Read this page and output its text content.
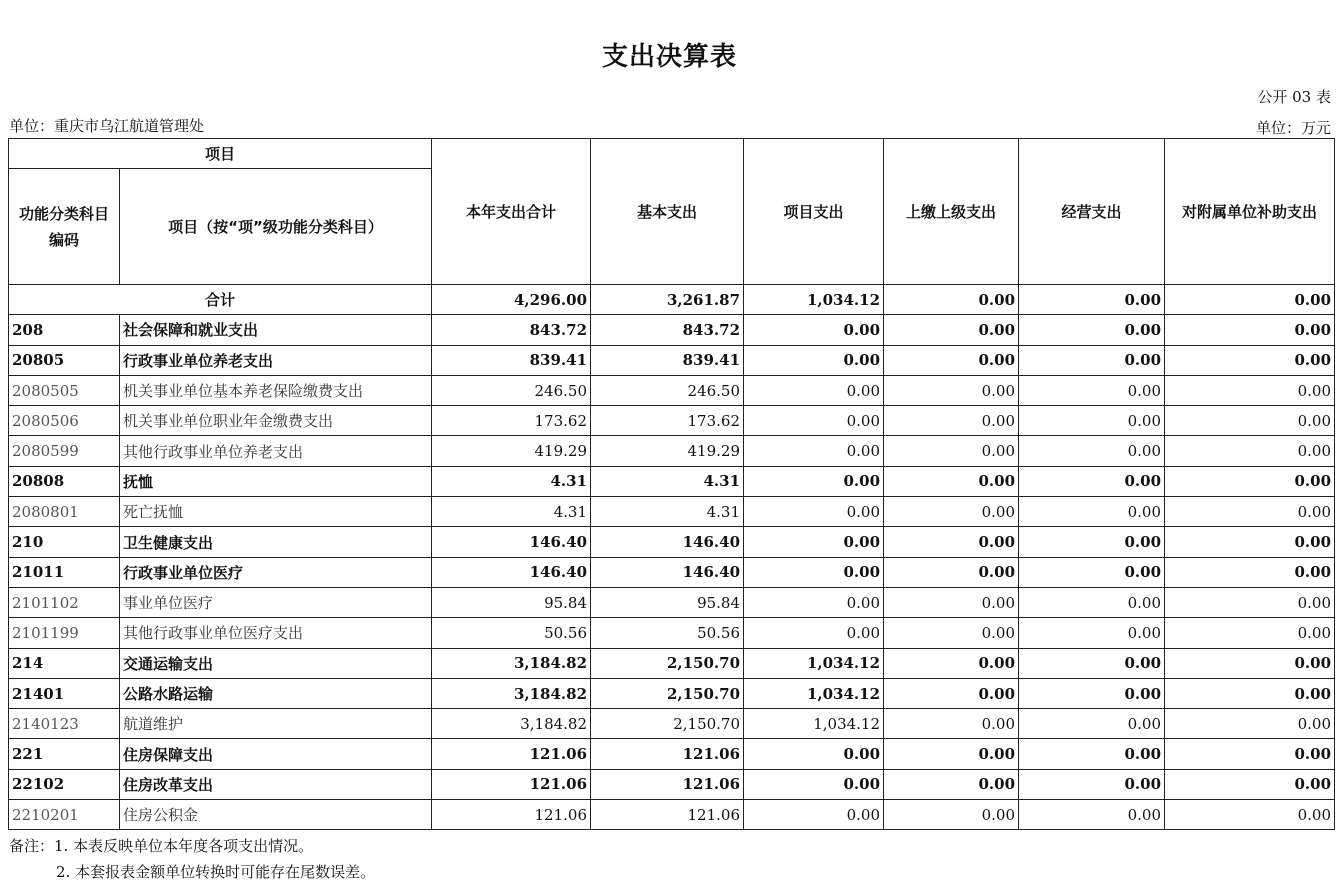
支出决算表
公开 03 表
单位：重庆市乌江航道管理处	单位：万元
项目		本年支出合计	基本支出	项目支出	上缴上级支出	经营支出	对附属单位补助支出
功能分类科目编码	项目（按“项”级功能分类科目）						
合计		4,296.00	3,261.87	1,034.12	0.00	0.00	0.00
208	社会保障和就业支出	843.72	843.72	0.00	0.00	0.00	0.00
20805	行政事业单位养老支出	839.41	839.41	0.00	0.00	0.00	0.00
2080505	机关事业单位基本养老保险缴费支出	246.50	246.50	0.00	0.00	0.00	0.00
2080506	机关事业单位职业年金缴费支出	173.62	173.62	0.00	0.00	0.00	0.00
2080599	其他行政事业单位养老支出	419.29	419.29	0.00	0.00	0.00	0.00
20808	抚恤	4.31	4.31	0.00	0.00	0.00	0.00
2080801	死亡抚恤	4.31	4.31	0.00	0.00	0.00	0.00
210	卫生健康支出	146.40	146.40	0.00	0.00	0.00	0.00
21011	行政事业单位医疗	146.40	146.40	0.00	0.00	0.00	0.00
2101102	事业单位医疗	95.84	95.84	0.00	0.00	0.00	0.00
2101199	其他行政事业单位医疗支出	50.56	50.56	0.00	0.00	0.00	0.00
214	交通运输支出	3,184.82	2,150.70	1,034.12	0.00	0.00	0.00
21401	公路水路运输	3,184.82	2,150.70	1,034.12	0.00	0.00	0.00
2140123	航道维护	3,184.82	2,150.70	1,034.12	0.00	0.00	0.00
221	住房保障支出	121.06	121.06	0.00	0.00	0.00	0.00
22102	住房改革支出	121.06	121.06	0.00	0.00	0.00	0.00
2210201	住房公积金	121.06	121.06	0.00	0.00	0.00	0.00
备注：1. 本表反映单位本年度各项支出情况。
2. 本套报表金额单位转换时可能存在尾数误差。
